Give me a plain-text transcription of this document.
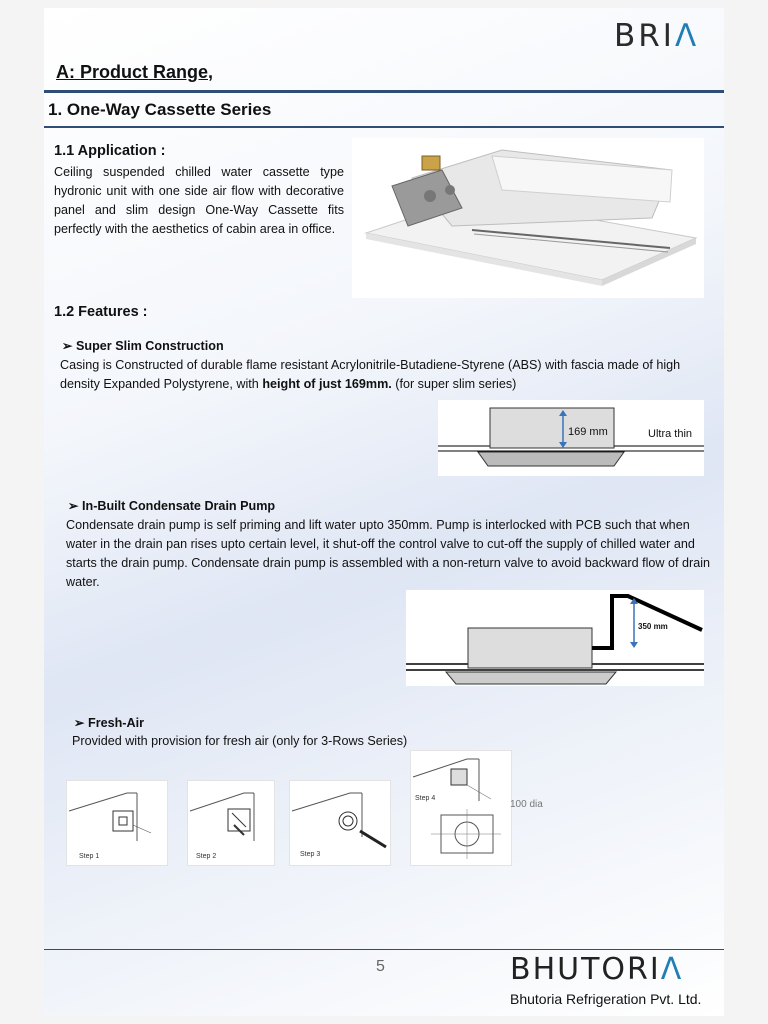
BRIΛ
A: Product Range,
1. One-Way Cassette Series
1.1 Application :
Ceiling suspended chilled water cassette type hydronic unit with one side air flow with decorative panel and slim design One-Way Cassette fits perfectly with the aesthetics of cabin area in office.
1.2 Features :
➢ Super Slim Construction
Casing is Constructed of durable flame resistant Acrylonitrile-Butadiene-Styrene (ABS) with fascia made of high density Expanded Polystyrene, with height of just 169mm. (for super slim series)
169 mm	Ultra thin
➢ In-Built Condensate Drain Pump
Condensate drain pump is self priming and lift water upto 350mm. Pump is interlocked with PCB such that when water in the drain pan rises upto certain level, it shut-off the control valve to cut-off the supply of chilled water and starts the drain pump. Condensate drain pump is assembled with a non-return valve to avoid backward flow of drain water.
350 mm
➢ Fresh-Air
Provided with provision for fresh air (only for 3-Rows Series)
Step 1	Step 2	Step 3
Step 4
100 dia
5	BHUTORIΛ
Bhutoria Refrigeration Pvt. Ltd.
